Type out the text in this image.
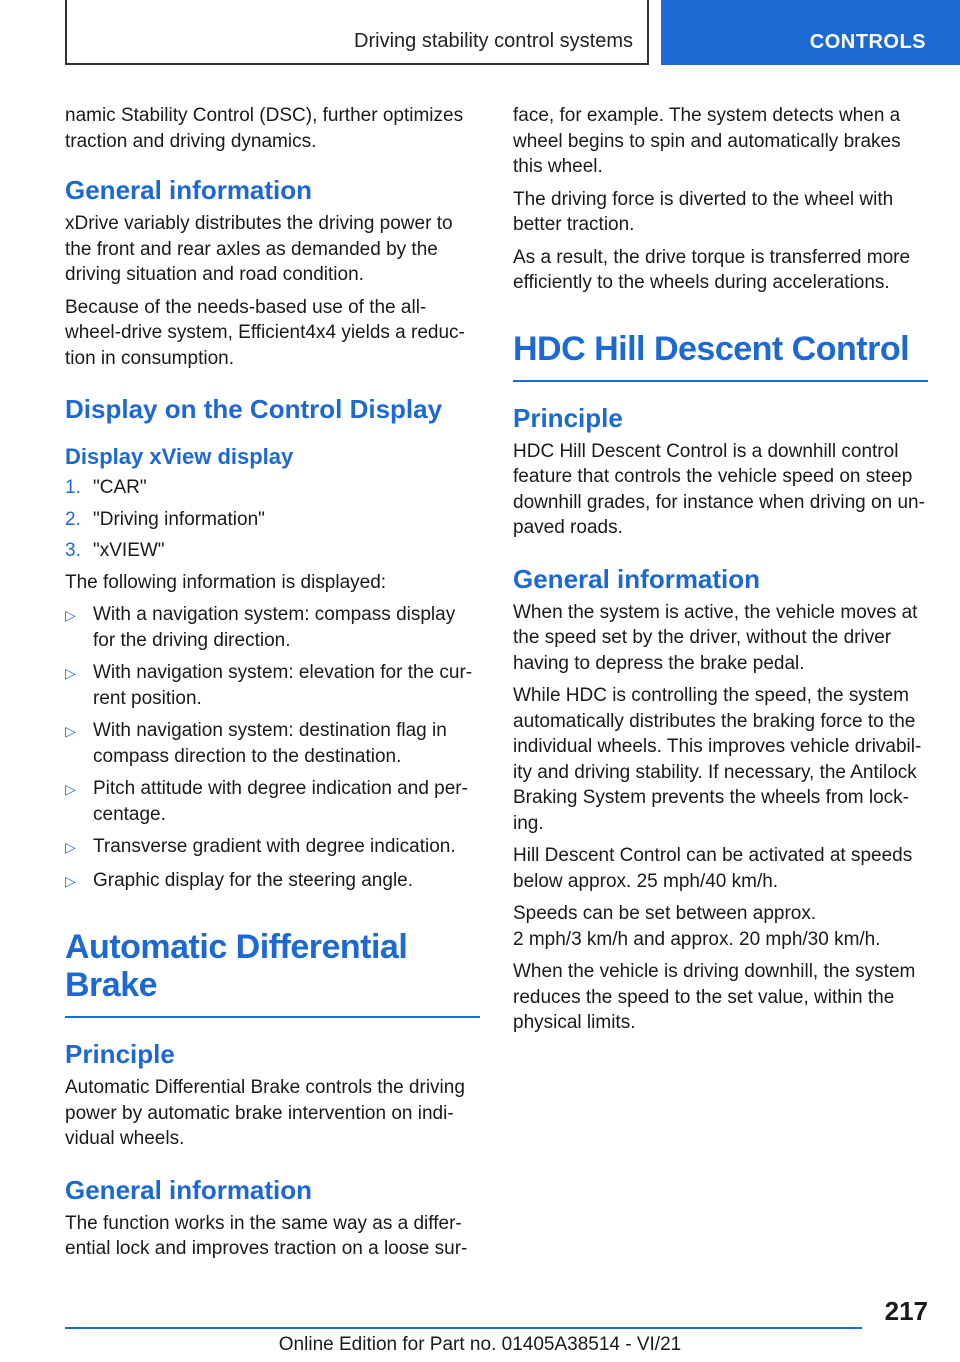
Driving stability control systems	CONTROLS

namic Stability Control (DSC), further optimizes traction and driving dynamics.

General information

xDrive variably distributes the driving power to the front and rear axles as demanded by the driving situation and road condition.

Because of the needs-based use of the all-wheel-drive system, Efficient4x4 yields a reduction in consumption.

Display on the Control Display
Display xView display
1. "CAR"
2. "Driving information"
3. "xVIEW"

The following information is displayed:

▷ With a navigation system: compass display for the driving direction.
▷ With navigation system: elevation for the current position.
▷ With navigation system: destination flag in compass direction to the destination.
▷ Pitch attitude with degree indication and percentage.
▷ Transverse gradient with degree indication.
▷ Graphic display for the steering angle.
Automatic Differential Brake
Principle

Automatic Differential Brake controls the driving power by automatic brake intervention on individual wheels.

General information

The function works in the same way as a differential lock and improves traction on a loose sur-

face, for example. The system detects when a wheel begins to spin and automatically brakes this wheel.

The driving force is diverted to the wheel with better traction.

As a result, the drive torque is transferred more efficiently to the wheels during accelerations.

HDC Hill Descent Control
Principle

HDC Hill Descent Control is a downhill control feature that controls the vehicle speed on steep downhill grades, for instance when driving on unpaved roads.

General information

When the system is active, the vehicle moves at the speed set by the driver, without the driver having to depress the brake pedal.

While HDC is controlling the speed, the system automatically distributes the braking force to the individual wheels. This improves vehicle drivability and driving stability. If necessary, the Antilock Braking System prevents the wheels from locking.

Hill Descent Control can be activated at speeds below approx. 25 mph/40 km/h.

Speeds can be set between approx.

2 mph/3 km/h and approx. 20 mph/30 km/h.

When the vehicle is driving downhill, the system reduces the speed to the set value, within the physical limits.

217
Online Edition for Part no. 01405A38514 - VI/21
